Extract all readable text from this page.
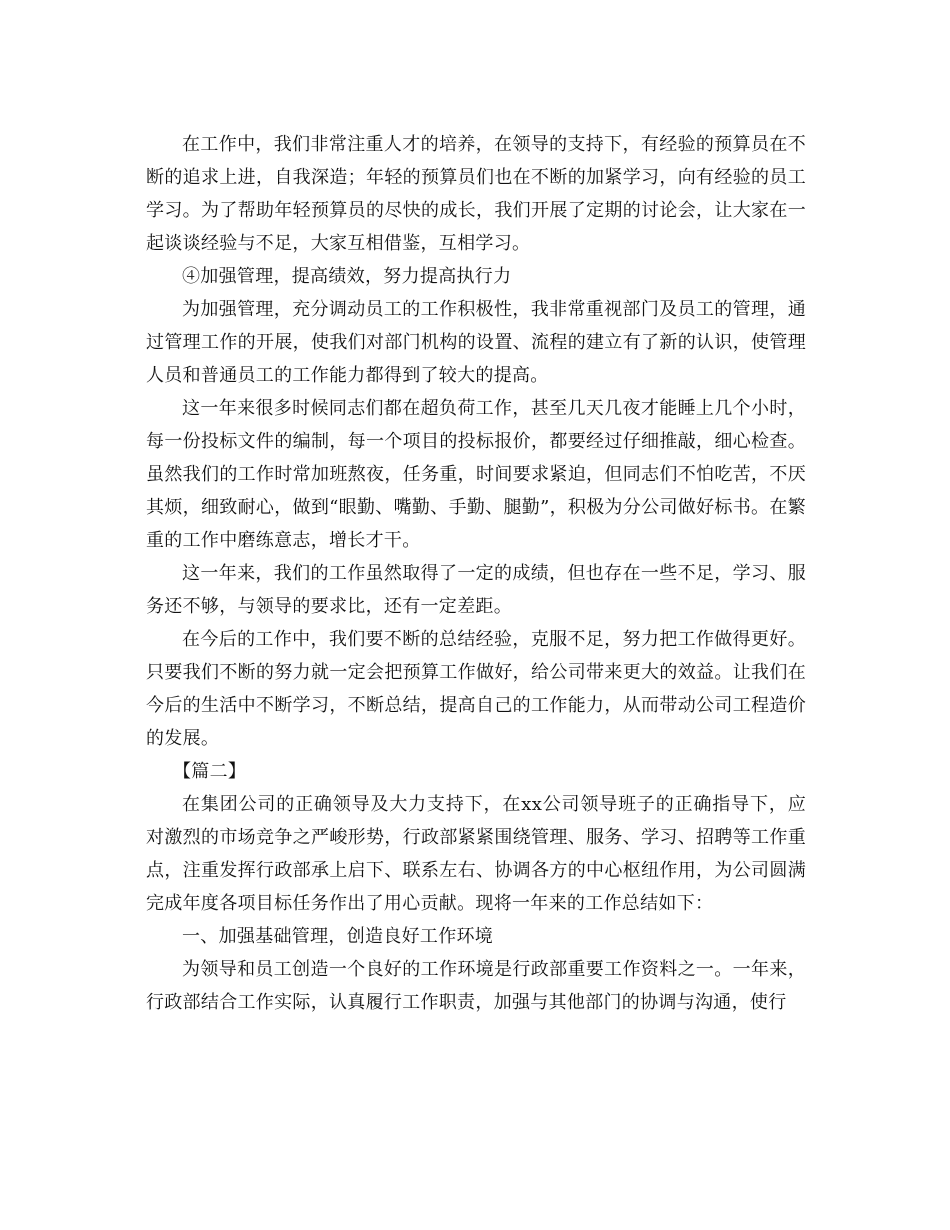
在工作中，我们非常注重人才的培养，在领导的支持下，有经验的预算员在不断的追求上进，自我深造；年轻的预算员们也在不断的加紧学习，向有经验的员工学习。为了帮助年轻预算员的尽快的成长，我们开展了定期的讨论会，让大家在一起谈谈经验与不足，大家互相借鉴，互相学习。

④加强管理，提高绩效，努力提高执行力

为加强管理，充分调动员工的工作积极性，我非常重视部门及员工的管理，通过管理工作的开展，使我们对部门机构的设置、流程的建立有了新的认识，使管理人员和普通员工的工作能力都得到了较大的提高。

这一年来很多时候同志们都在超负荷工作，甚至几天几夜才能睡上几个小时，每一份投标文件的编制，每一个项目的投标报价，都要经过仔细推敲，细心检查。虽然我们的工作时常加班熬夜，任务重，时间要求紧迫，但同志们不怕吃苦，不厌其烦，细致耐心，做到“眼勤、嘴勤、手勤、腿勤”，积极为分公司做好标书。在繁重的工作中磨练意志，增长才干。

这一年来，我们的工作虽然取得了一定的成绩，但也存在一些不足，学习、服务还不够，与领导的要求比，还有一定差距。

在今后的工作中，我们要不断的总结经验，克服不足，努力把工作做得更好。只要我们不断的努力就一定会把预算工作做好，给公司带来更大的效益。让我们在今后的生活中不断学习，不断总结，提高自己的工作能力，从而带动公司工程造价的发展。

【篇二】

在集团公司的正确领导及大力支持下，在xx公司领导班子的正确指导下，应对激烈的市场竞争之严峻形势，行政部紧紧围绕管理、服务、学习、招聘等工作重点，注重发挥行政部承上启下、联系左右、协调各方的中心枢纽作用，为公司圆满完成年度各项目标任务作出了用心贡献。现将一年来的工作总结如下：

一、加强基础管理，创造良好工作环境

为领导和员工创造一个良好的工作环境是行政部重要工作资料之一。一年来，行政部结合工作实际，认真履行工作职责，加强与其他部门的协调与沟通，使行
